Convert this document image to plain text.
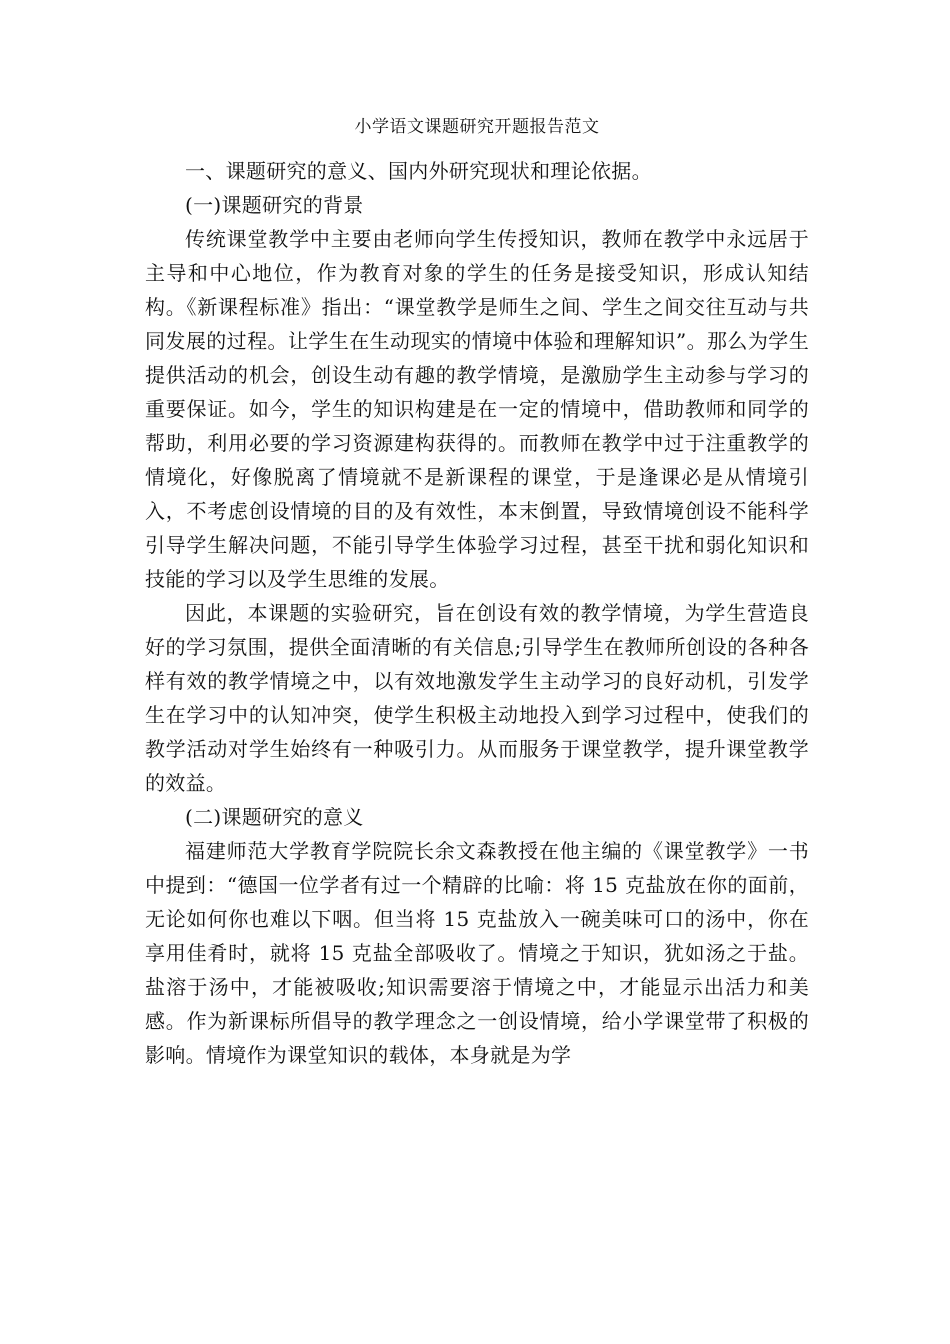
小学语文课题研究开题报告范文

一、课题研究的意义、国内外研究现状和理论依据。

(一)课题研究的背景

传统课堂教学中主要由老师向学生传授知识，教师在教学中永远居于主导和中心地位，作为教育对象的学生的任务是接受知识，形成认知结构。《新课程标准》指出：“课堂教学是师生之间、学生之间交往互动与共同发展的过程。让学生在生动现实的情境中体验和理解知识”。那么为学生提供活动的机会，创设生动有趣的教学情境，是激励学生主动参与学习的重要保证。如今，学生的知识构建是在一定的情境中，借助教师和同学的帮助，利用必要的学习资源建构获得的。而教师在教学中过于注重教学的情境化，好像脱离了情境就不是新课程的课堂，于是逢课必是从情境引入，不考虑创设情境的目的及有效性，本末倒置，导致情境创设不能科学引导学生解决问题，不能引导学生体验学习过程，甚至干扰和弱化知识和技能的学习以及学生思维的发展。

因此，本课题的实验研究，旨在创设有效的教学情境，为学生营造良好的学习氛围，提供全面清晰的有关信息;引导学生在教师所创设的各种各样有效的教学情境之中，以有效地激发学生主动学习的良好动机，引发学生在学习中的认知冲突，使学生积极主动地投入到学习过程中，使我们的教学活动对学生始终有一种吸引力。从而服务于课堂教学，提升课堂教学的效益。

(二)课题研究的意义

福建师范大学教育学院院长余文森教授在他主编的《课堂教学》一书中提到：“德国一位学者有过一个精辟的比喻：将 15 克盐放在你的面前，无论如何你也难以下咽。但当将 15 克盐放入一碗美味可口的汤中，你在享用佳肴时，就将 15 克盐全部吸收了。情境之于知识，犹如汤之于盐。盐溶于汤中，才能被吸收;知识需要溶于情境之中，才能显示出活力和美感。作为新课标所倡导的教学理念之一创设情境，给小学课堂带了积极的影响。情境作为课堂知识的载体，本身就是为学
